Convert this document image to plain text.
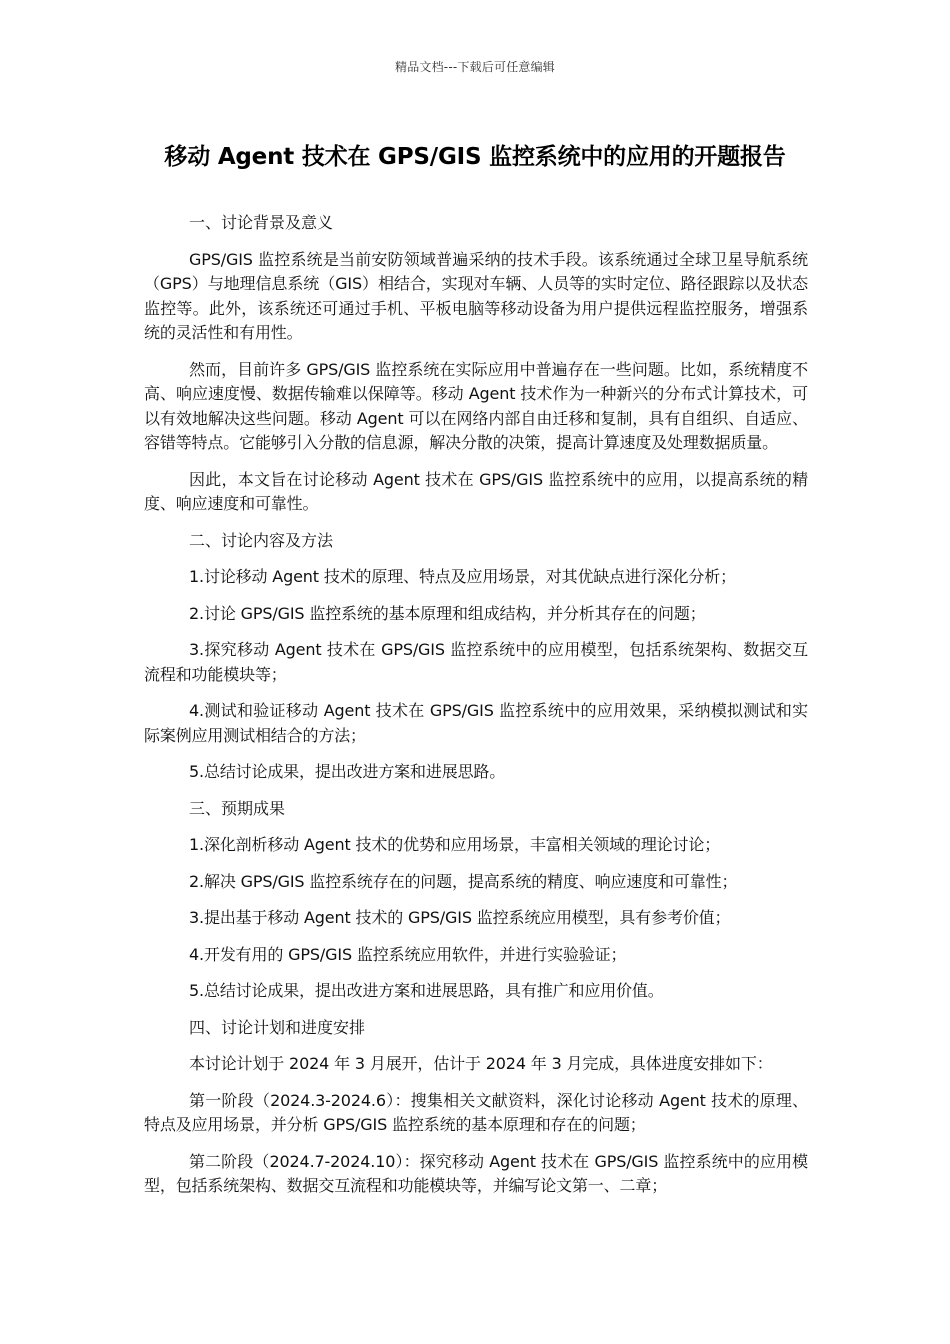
精品文档---下载后可任意编辑
移动 Agent 技术在 GPS/GIS 监控系统中的应用的开题报告

一、讨论背景及意义

GPS/GIS 监控系统是当前安防领域普遍采纳的技术手段。该系统通过全球卫星导航系统（GPS）与地理信息系统（GIS）相结合，实现对车辆、人员等的实时定位、路径跟踪以及状态监控等。此外，该系统还可通过手机、平板电脑等移动设备为用户提供远程监控服务，增强系统的灵活性和有用性。

然而，目前许多 GPS/GIS 监控系统在实际应用中普遍存在一些问题。比如，系统精度不高、响应速度慢、数据传输难以保障等。移动 Agent 技术作为一种新兴的分布式计算技术，可以有效地解决这些问题。移动 Agent 可以在网络内部自由迁移和复制，具有自组织、自适应、容错等特点。它能够引入分散的信息源，解决分散的决策，提高计算速度及处理数据质量。

因此，本文旨在讨论移动 Agent 技术在 GPS/GIS 监控系统中的应用，以提高系统的精度、响应速度和可靠性。

二、讨论内容及方法

1.讨论移动 Agent 技术的原理、特点及应用场景，对其优缺点进行深化分析；

2.讨论 GPS/GIS 监控系统的基本原理和组成结构，并分析其存在的问题；

3.探究移动 Agent 技术在 GPS/GIS 监控系统中的应用模型，包括系统架构、数据交互流程和功能模块等；

4.测试和验证移动 Agent 技术在 GPS/GIS 监控系统中的应用效果，采纳模拟测试和实际案例应用测试相结合的方法；

5.总结讨论成果，提出改进方案和进展思路。

三、预期成果

1.深化剖析移动 Agent 技术的优势和应用场景，丰富相关领域的理论讨论；

2.解决 GPS/GIS 监控系统存在的问题，提高系统的精度、响应速度和可靠性；

3.提出基于移动 Agent 技术的 GPS/GIS 监控系统应用模型，具有参考价值；

4.开发有用的 GPS/GIS 监控系统应用软件，并进行实验验证；

5.总结讨论成果，提出改进方案和进展思路，具有推广和应用价值。

四、讨论计划和进度安排

本讨论计划于 2024 年 3 月展开，估计于 2024 年 3 月完成，具体进度安排如下：

第一阶段（2024.3-2024.6）：搜集相关文献资料，深化讨论移动 Agent 技术的原理、特点及应用场景，并分析 GPS/GIS 监控系统的基本原理和存在的问题；

第二阶段（2024.7-2024.10）：探究移动 Agent 技术在 GPS/GIS 监控系统中的应用模型，包括系统架构、数据交互流程和功能模块等，并编写论文第一、二章；
